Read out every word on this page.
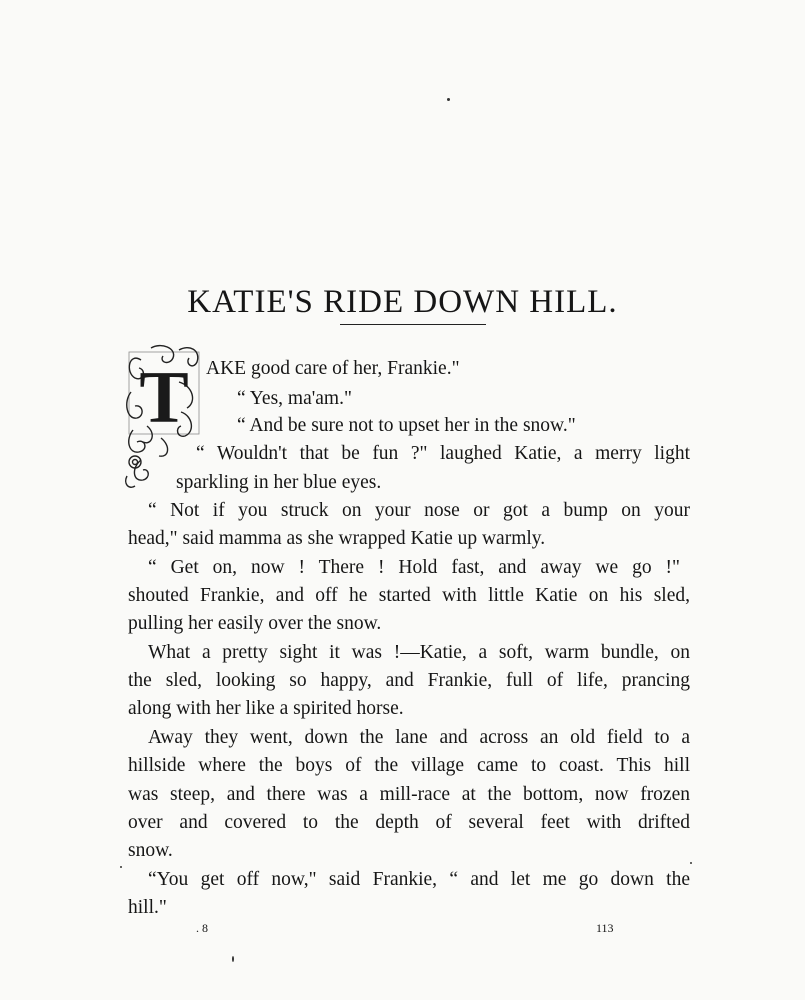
KATIE'S RIDE DOWN HILL.
T AKE good care of her, Frankie."
“ Yes, ma'am."
“ And be sure not to upset her in the snow."
“ Wouldn't that be fun ?" laughed Katie, a merry light
sparkling in her blue eyes.
“ Not if you struck on your nose or got a bump on your
head," said mamma as she wrapped Katie up warmly.
“ Get on, now ! There ! Hold fast, and away we go !"
shouted Frankie, and off he started with little Katie on his sled,
pulling her easily over the snow.
What a pretty sight it was !—Katie, a soft, warm bundle, on
the sled, looking so happy, and Frankie, full of life, prancing
along with her like a spirited horse.
Away they went, down the lane and across an old field to a
hillside where the boys of the village came to coast. This hill
was steep, and there was a mill-race at the bottom, now frozen
over and covered to the depth of several feet with drifted
snow.
“You get off now," said Frankie, “ and let me go down the
hill."
. 8	113
